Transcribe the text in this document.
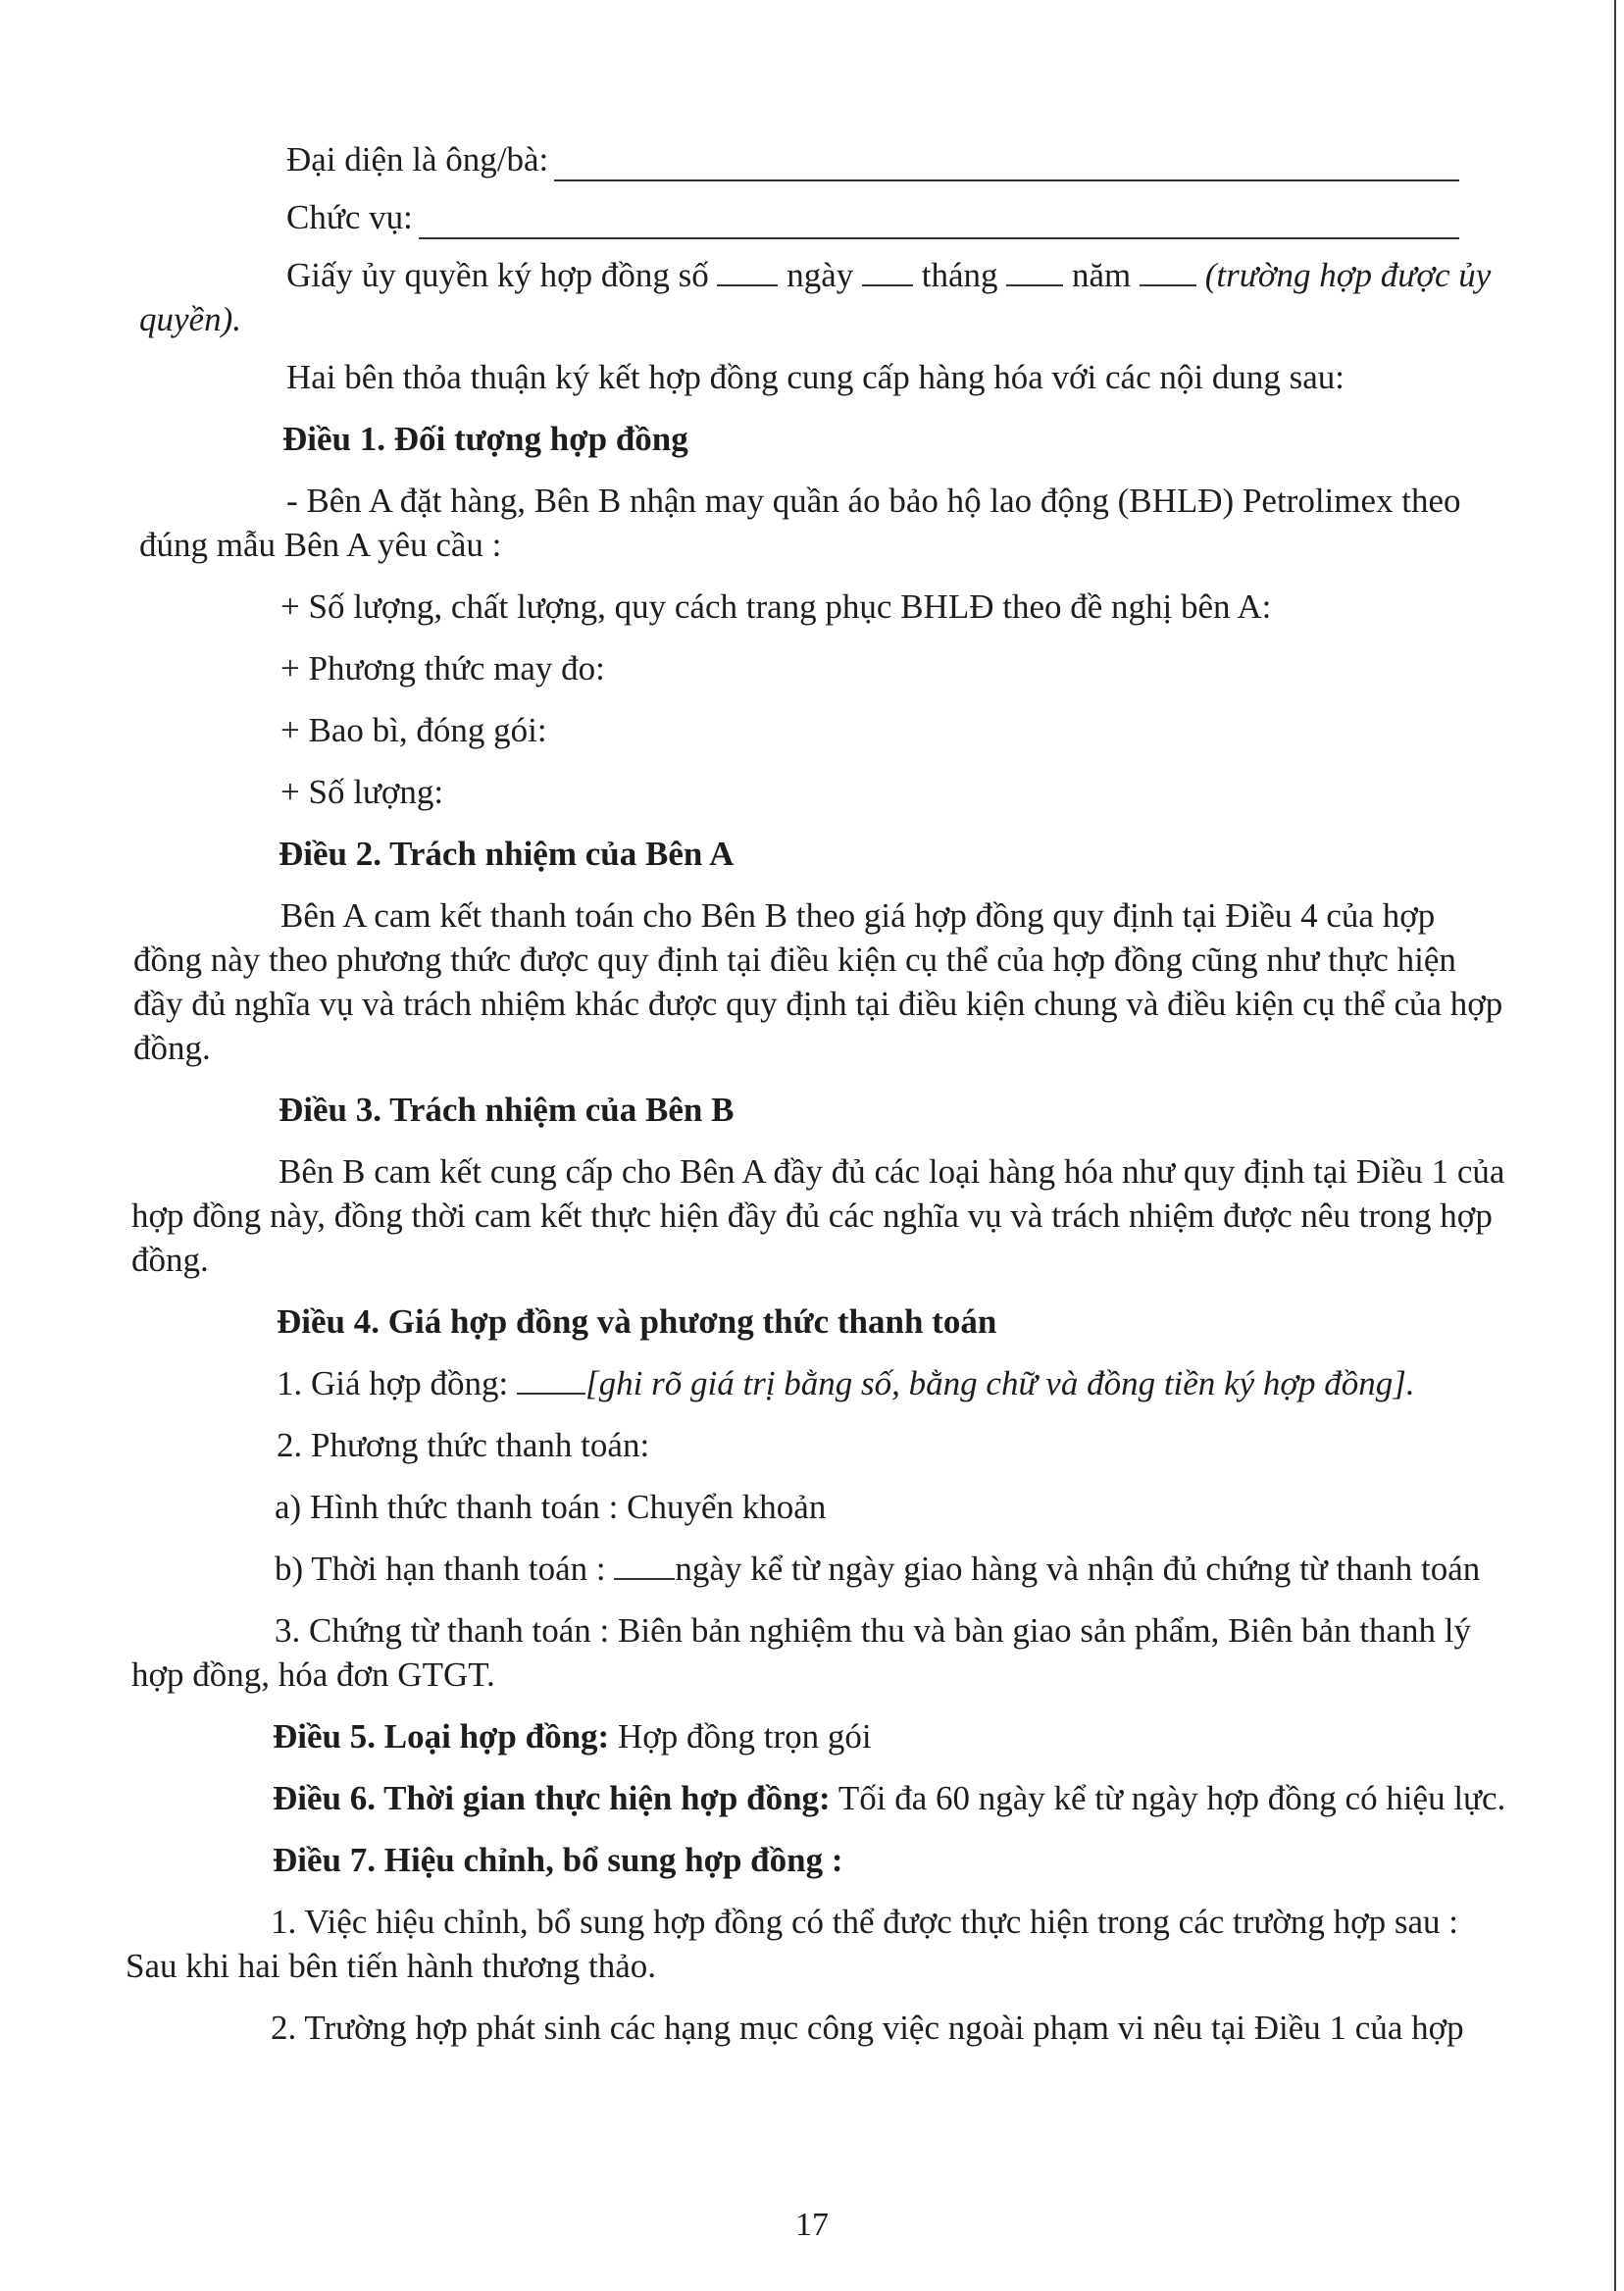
Đại diện là ông/bà:

Chức vụ:

Giấy ủy quyền ký hợp đồng số ngày tháng năm (trường hợp được ủy quyền).

Hai bên thỏa thuận ký kết hợp đồng cung cấp hàng hóa với các nội dung sau:

Điều 1. Đối tượng hợp đồng

- Bên A đặt hàng, Bên B nhận may quần áo bảo hộ lao động (BHLĐ) Petrolimex theo đúng mẫu Bên A yêu cầu :

+ Số lượng, chất lượng, quy cách trang phục BHLĐ theo đề nghị bên A:

+ Phương thức may đo:

+ Bao bì, đóng gói:

+ Số lượng:

Điều 2. Trách nhiệm của Bên A

Bên A cam kết thanh toán cho Bên B theo giá hợp đồng quy định tại Điều 4 của hợp đồng này theo phương thức được quy định tại điều kiện cụ thể của hợp đồng cũng như thực hiện đầy đủ nghĩa vụ và trách nhiệm khác được quy định tại điều kiện chung và điều kiện cụ thể của hợp đồng.

Điều 3. Trách nhiệm của Bên B

Bên B cam kết cung cấp cho Bên A đầy đủ các loại hàng hóa như quy định tại Điều 1 của hợp đồng này, đồng thời cam kết thực hiện đầy đủ các nghĩa vụ và trách nhiệm được nêu trong hợp đồng.

Điều 4. Giá hợp đồng và phương thức thanh toán

1. Giá hợp đồng: [ghi rõ giá trị bằng số, bằng chữ và đồng tiền ký hợp đồng].

2. Phương thức thanh toán:

a) Hình thức thanh toán : Chuyển khoản

b) Thời hạn thanh toán : ngày kể từ ngày giao hàng và nhận đủ chứng từ thanh toán

3. Chứng từ thanh toán : Biên bản nghiệm thu và bàn giao sản phẩm, Biên bản thanh lý hợp đồng, hóa đơn GTGT.

Điều 5. Loại hợp đồng: Hợp đồng trọn gói

Điều 6. Thời gian thực hiện hợp đồng: Tối đa 60 ngày kể từ ngày hợp đồng có hiệu lực.

Điều 7. Hiệu chỉnh, bổ sung hợp đồng :

1. Việc hiệu chỉnh, bổ sung hợp đồng có thể được thực hiện trong các trường hợp sau : Sau khi hai bên tiến hành thương thảo.

2. Trường hợp phát sinh các hạng mục công việc ngoài phạm vi nêu tại Điều 1 của hợp

17
